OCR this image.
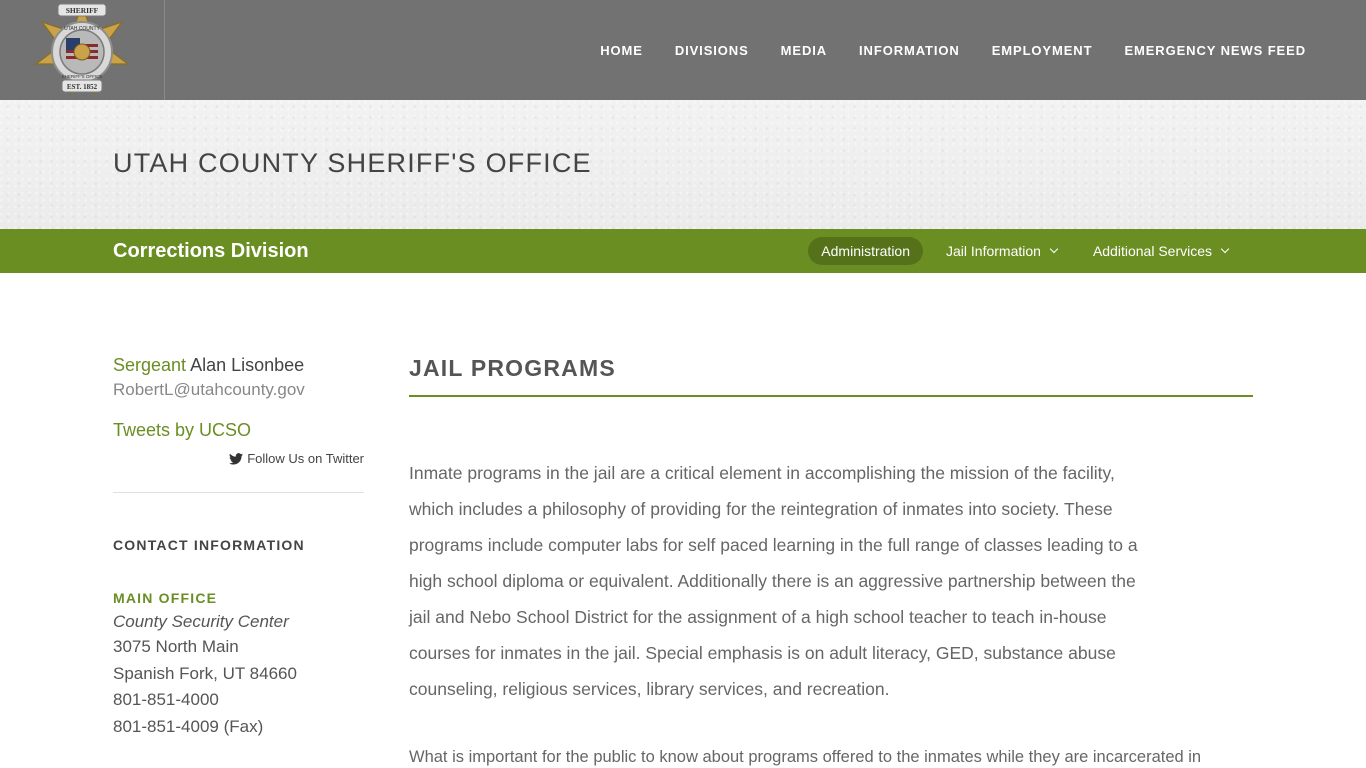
SHERIFF
EST. 1852
UTAH COUNTY
SHERIFF'S OFFICE
HOME DIVISIONS MEDIA INFORMATION EMPLOYMENT EMERGENCY NEWS FEED
UTAH COUNTY SHERIFF'S OFFICE
Corrections Division	Administration	Jail Information	Additional Services
Sergeant Alan Lisonbee
RobertL@utahcounty.gov
Tweets by UCSO
Follow Us on Twitter
CONTACT INFORMATION
MAIN OFFICE
County Security Center
3075 North Main
Spanish Fork, UT 84660
801-851-4000
801-851-4009 (Fax)
JAIL PROGRAMS
Inmate programs in the jail are a critical element in accomplishing the mission of the facility,
which includes a philosophy of providing for the reintegration of inmates into society. These
programs include computer labs for self paced learning in the full range of classes leading to a
high school diploma or equivalent. Additionally there is an aggressive partnership between the
jail and Nebo School District for the assignment of a high school teacher to teach in-house
courses for inmates in the jail. Special emphasis is on adult literacy, GED, substance abuse
counseling, religious services, library services, and recreation.

What is important for the public to know about programs offered to the inmates while they are incarcerated in
